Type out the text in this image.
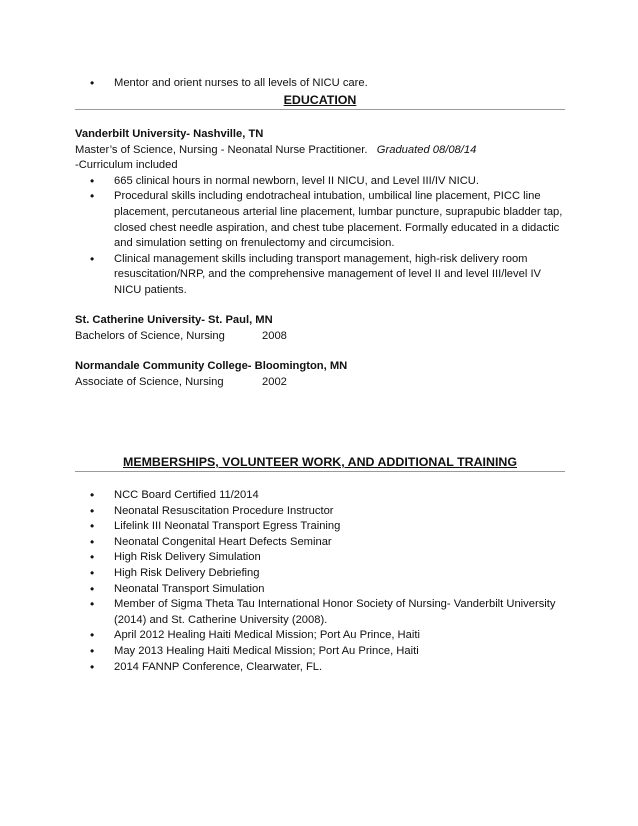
• Mentor and orient nurses to all levels of NICU care.
EDUCATION
Vanderbilt University- Nashville, TN
Master’s of Science, Nursing - Neonatal Nurse Practitioner. Graduated 08/08/14
-Curriculum included
• 665 clinical hours in normal newborn, level II NICU, and Level III/IV NICU.
• Procedural skills including endotracheal intubation, umbilical line placement, PICC line placement, percutaneous arterial line placement, lumbar puncture, suprapubic bladder tap, closed chest needle aspiration, and chest tube placement. Formally educated in a didactic and simulation setting on frenulectomy and circumcision.
• Clinical management skills including transport management, high-risk delivery room resuscitation/NRP, and the comprehensive management of level II and level III/level IV NICU patients.
St. Catherine University- St. Paul, MN
Bachelors of Science, Nursing	2008
Normandale Community College- Bloomington, MN
Associate of Science, Nursing	2002
MEMBERSHIPS, VOLUNTEER WORK, AND ADDITIONAL TRAINING
• NCC Board Certified 11/2014
• Neonatal Resuscitation Procedure Instructor
• Lifelink III Neonatal Transport Egress Training
• Neonatal Congenital Heart Defects Seminar
• High Risk Delivery Simulation
• High Risk Delivery Debriefing
• Neonatal Transport Simulation
• Member of Sigma Theta Tau International Honor Society of Nursing- Vanderbilt University (2014) and St. Catherine University (2008).
• April 2012 Healing Haiti Medical Mission; Port Au Prince, Haiti
• May 2013 Healing Haiti Medical Mission; Port Au Prince, Haiti
• 2014 FANNP Conference, Clearwater, FL.
